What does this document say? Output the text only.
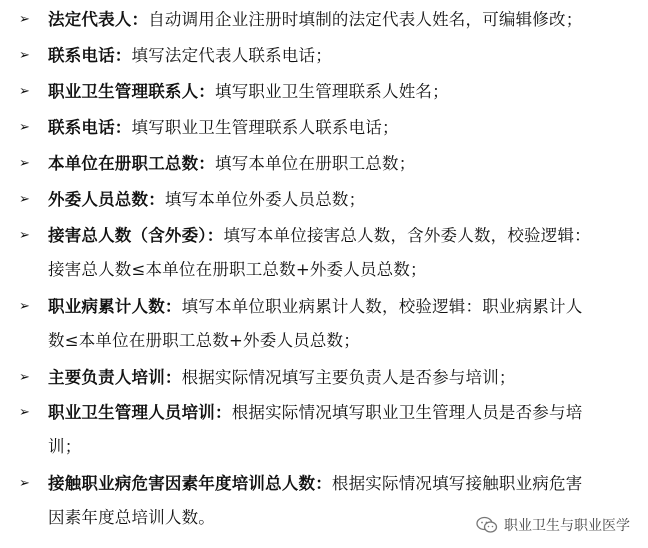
➢ 法定代表人：自动调用企业注册时填制的法定代表人姓名，可编辑修改；
➢ 联系电话：填写法定代表人联系电话；
➢ 职业卫生管理联系人：填写职业卫生管理联系人姓名；
➢ 联系电话：填写职业卫生管理联系人联系电话；
➢ 本单位在册职工总数：填写本单位在册职工总数；
➢ 外委人员总数：填写本单位外委人员总数；
➢ 接害总人数（含外委）：填写本单位接害总人数，含外委人数，校验逻辑：
接害总人数≤本单位在册职工总数+外委人员总数；
➢ 职业病累计人数：填写本单位职业病累计人数，校验逻辑：职业病累计人
数≤本单位在册职工总数+外委人员总数；
➢ 主要负责人培训：根据实际情况填写主要负责人是否参与培训；
➢ 职业卫生管理人员培训：根据实际情况填写职业卫生管理人员是否参与培
训；
➢ 接触职业病危害因素年度培训总人数：根据实际情况填写接触职业病危害
因素年度总培训人数。	职业卫生与职业医学
